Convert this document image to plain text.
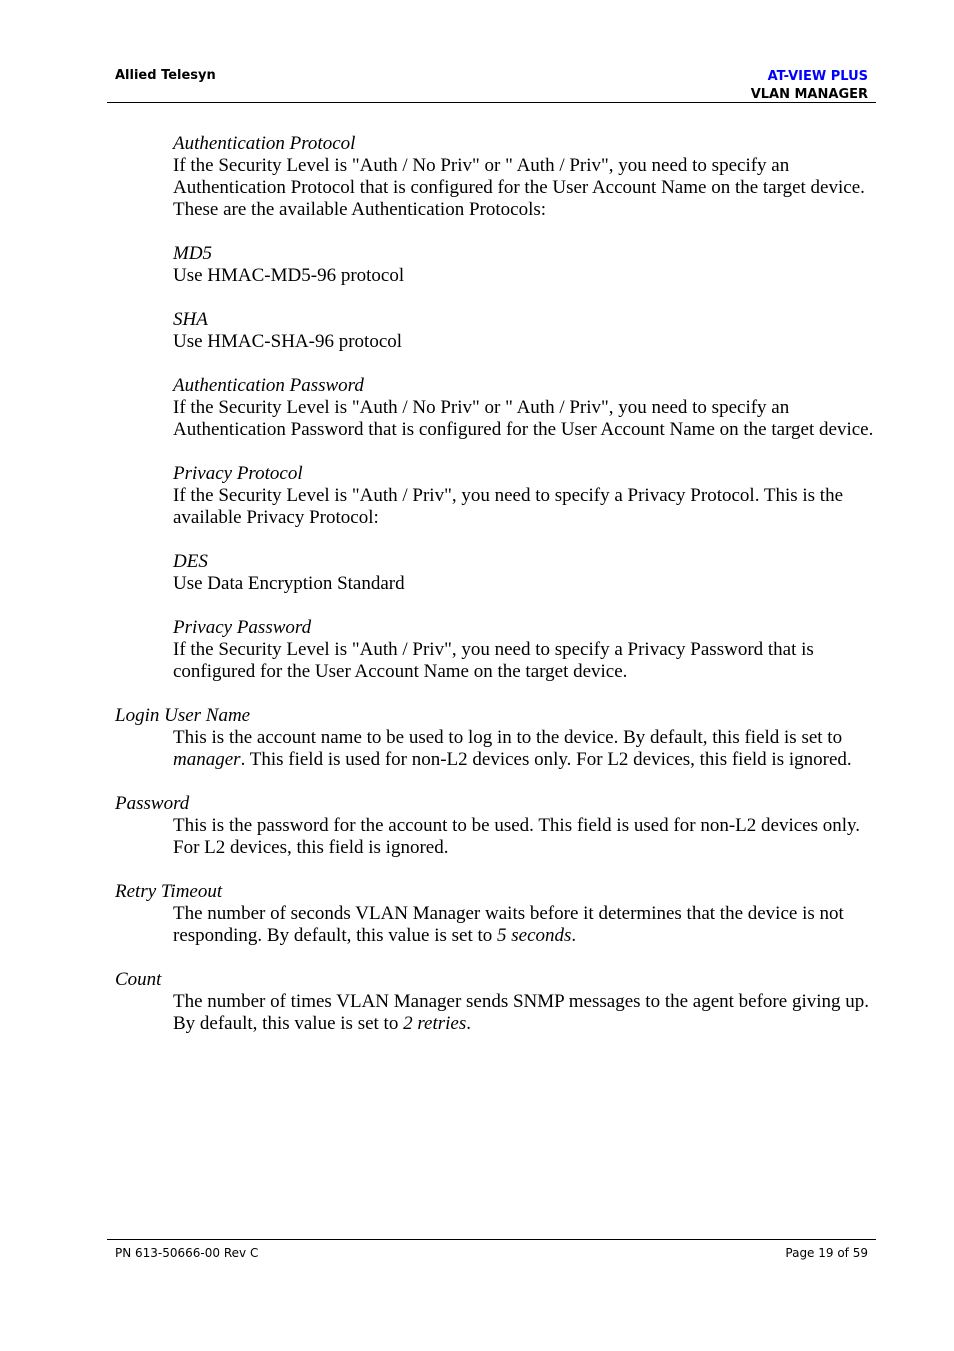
Allied Telesyn	AT-VIEW PLUS
VLAN MANAGER

Authentication Protocol

If the Security Level is "Auth / No Priv" or " Auth / Priv", you need to specify an Authentication Protocol that is configured for the User Account Name on the target device.

These are the available Authentication Protocols:

MD5

Use HMAC-MD5-96 protocol

SHA

Use HMAC-SHA-96 protocol

Authentication Password

If the Security Level is "Auth / No Priv" or " Auth / Priv", you need to specify an Authentication Password that is configured for the User Account Name on the target device.

Privacy Protocol

If the Security Level is "Auth / Priv", you need to specify a Privacy Protocol. This is the available Privacy Protocol:

DES

Use Data Encryption Standard

Privacy Password

If the Security Level is "Auth / Priv", you need to specify a Privacy Password that is configured for the User Account Name on the target device.

Login User Name

This is the account name to be used to log in to the device. By default, this field is set to manager. This field is used for non-L2 devices only. For L2 devices, this field is ignored.

Password

This is the password for the account to be used. This field is used for non-L2 devices only. For L2 devices, this field is ignored.

Retry Timeout

The number of seconds VLAN Manager waits before it determines that the device is not responding. By default, this value is set to 5 seconds.

Count

The number of times VLAN Manager sends SNMP messages to the agent before giving up. By default, this value is set to 2 retries.

PN 613-50666-00 Rev C	Page 19 of 59
